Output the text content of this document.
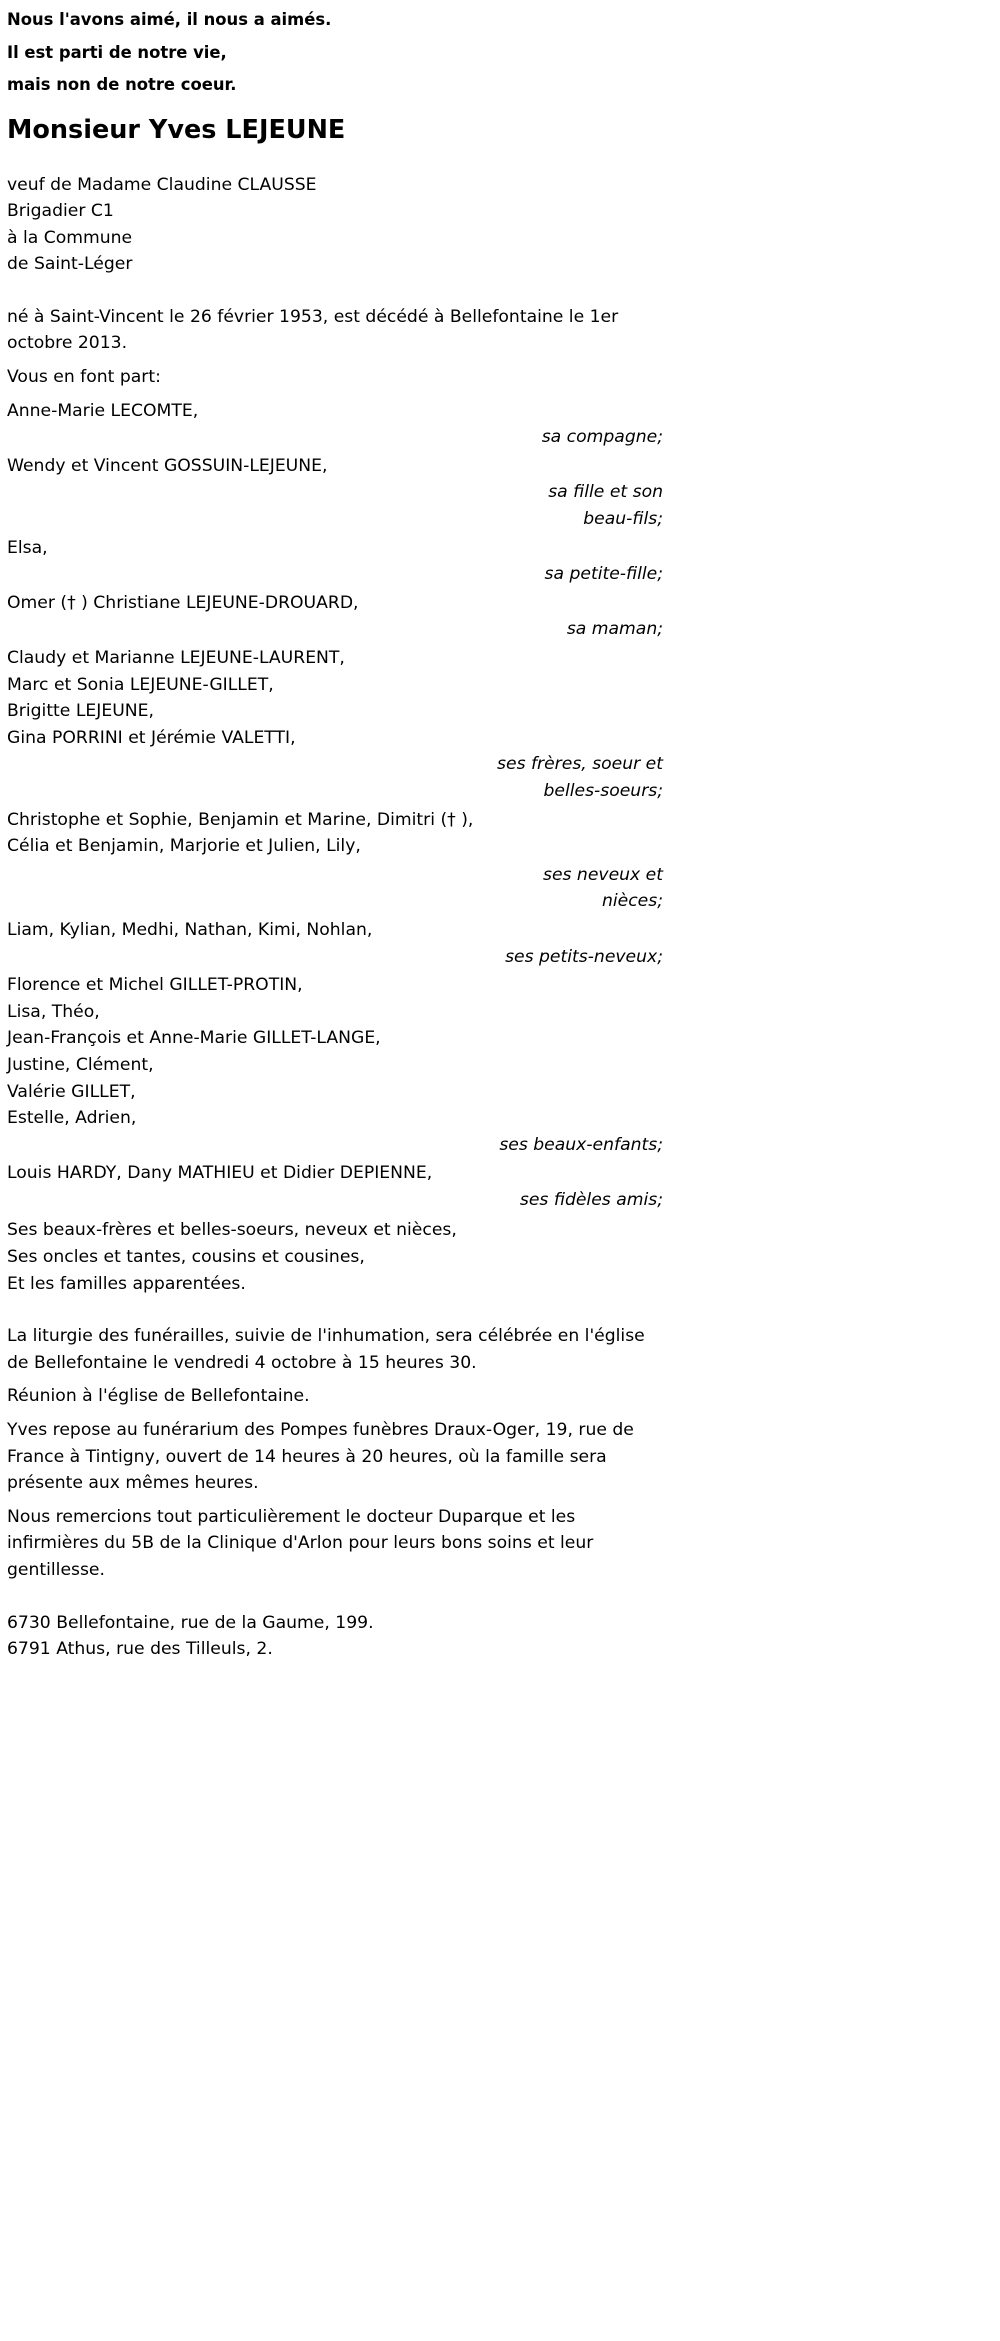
Nous l'avons aimé, il nous a aimés.
Il est parti de notre vie,
mais non de notre coeur.
Monsieur Yves LEJEUNE
veuf de Madame Claudine CLAUSSE
Brigadier C1
à la Commune
de Saint-Léger
né à Saint-Vincent le 26 février 1953, est décédé à Bellefontaine le 1er octobre 2013.
Vous en font part:
Anne-Marie LECOMTE,
sa compagne;
Wendy et Vincent GOSSUIN-LEJEUNE,
sa fille et son beau-fils;
Elsa,
sa petite-fille;
Omer († ) Christiane LEJEUNE-DROUARD,
sa maman;
Claudy et Marianne LEJEUNE-LAURENT,
Marc et Sonia LEJEUNE-GILLET,
Brigitte LEJEUNE,
Gina PORRINI et Jérémie VALETTI,
ses frères, soeur et belles-soeurs;
Christophe et Sophie, Benjamin et Marine, Dimitri († ),
Célia et Benjamin, Marjorie et Julien, Lily,
ses neveux et nièces;
Liam, Kylian, Medhi, Nathan, Kimi, Nohlan,
ses petits-neveux;
Florence et Michel GILLET-PROTIN,
Lisa, Théo,
Jean-François et Anne-Marie GILLET-LANGE,
Justine, Clément,
Valérie GILLET,
Estelle, Adrien,
ses beaux-enfants;
Louis HARDY, Dany MATHIEU et Didier DEPIENNE,
ses fidèles amis;
Ses beaux-frères et belles-soeurs, neveux et nièces,
Ses oncles et tantes, cousins et cousines,
Et les familles apparentées.
La liturgie des funérailles, suivie de l'inhumation, sera célébrée en l'église de Bellefontaine le vendredi 4 octobre à 15 heures 30.
Réunion à l'église de Bellefontaine.
Yves repose au funérarium des Pompes funèbres Draux-Oger, 19, rue de France à Tintigny, ouvert de 14 heures à 20 heures, où la famille sera présente aux mêmes heures.
Nous remercions tout particulièrement le docteur Duparque et les infirmières du 5B de la Clinique d'Arlon pour leurs bons soins et leur gentillesse.
6730 Bellefontaine, rue de la Gaume, 199.
6791 Athus, rue des Tilleuls, 2.
